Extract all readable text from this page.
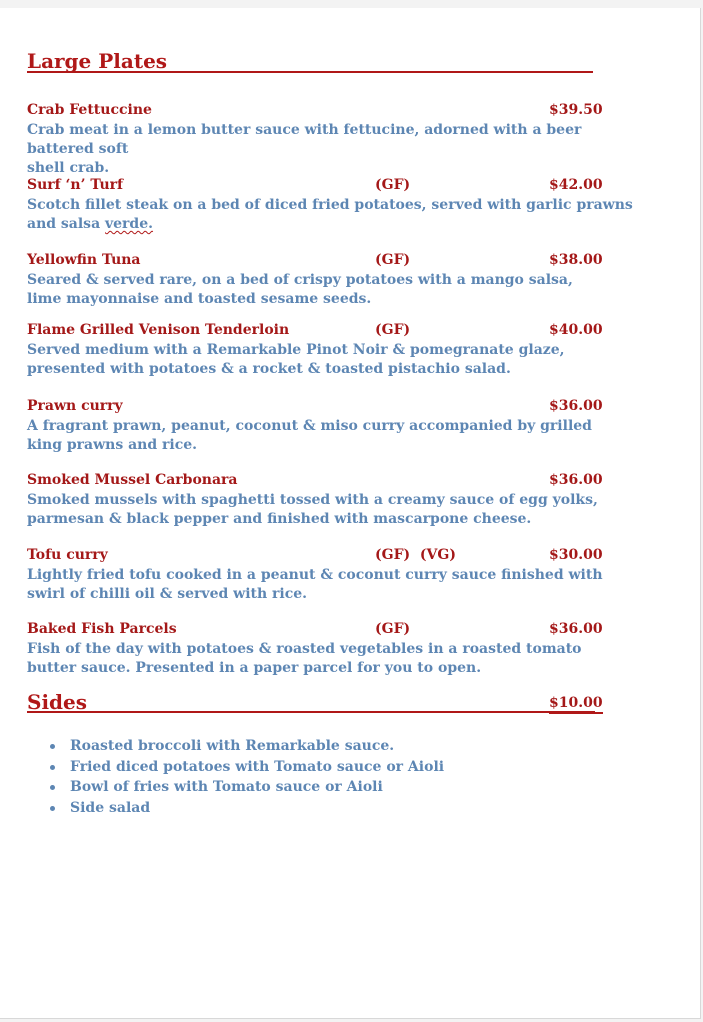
Large Plates
Crab Fettuccine	$39.50
Crab meat in a lemon butter sauce with fettucine, adorned with a beer battered soft
shell crab.
Surf ‘n’ Turf	(GF)	$42.00
Scotch fillet steak on a bed of diced fried potatoes, served with garlic prawns
and salsa verde.
Yellowfin Tuna	(GF)	$38.00
Seared & served rare, on a bed of crispy potatoes with a mango salsa,
lime mayonnaise and toasted sesame seeds.
Flame Grilled Venison Tenderloin	(GF)	$40.00
Served medium with a Remarkable Pinot Noir & pomegranate glaze,
presented with potatoes & a rocket & toasted pistachio salad.
Prawn curry	$36.00
A fragrant prawn, peanut, coconut & miso curry accompanied by grilled
king prawns and rice.
Smoked Mussel Carbonara	$36.00
Smoked mussels with spaghetti tossed with a creamy sauce of egg yolks,
parmesan & black pepper and finished with mascarpone cheese.
Tofu curry	(GF)  (VG)	$30.00
Lightly fried tofu cooked in a peanut & coconut curry sauce finished with
swirl of chilli oil & served with rice.
Baked Fish Parcels	(GF)	$36.00
Fish of the day with potatoes & roasted vegetables in a roasted tomato
butter sauce. Presented in a paper parcel for you to open.
Sides	$10.00
Roasted broccoli with Remarkable sauce.
Fried diced potatoes with Tomato sauce or Aioli
Bowl of fries with Tomato sauce or Aioli
Side salad
